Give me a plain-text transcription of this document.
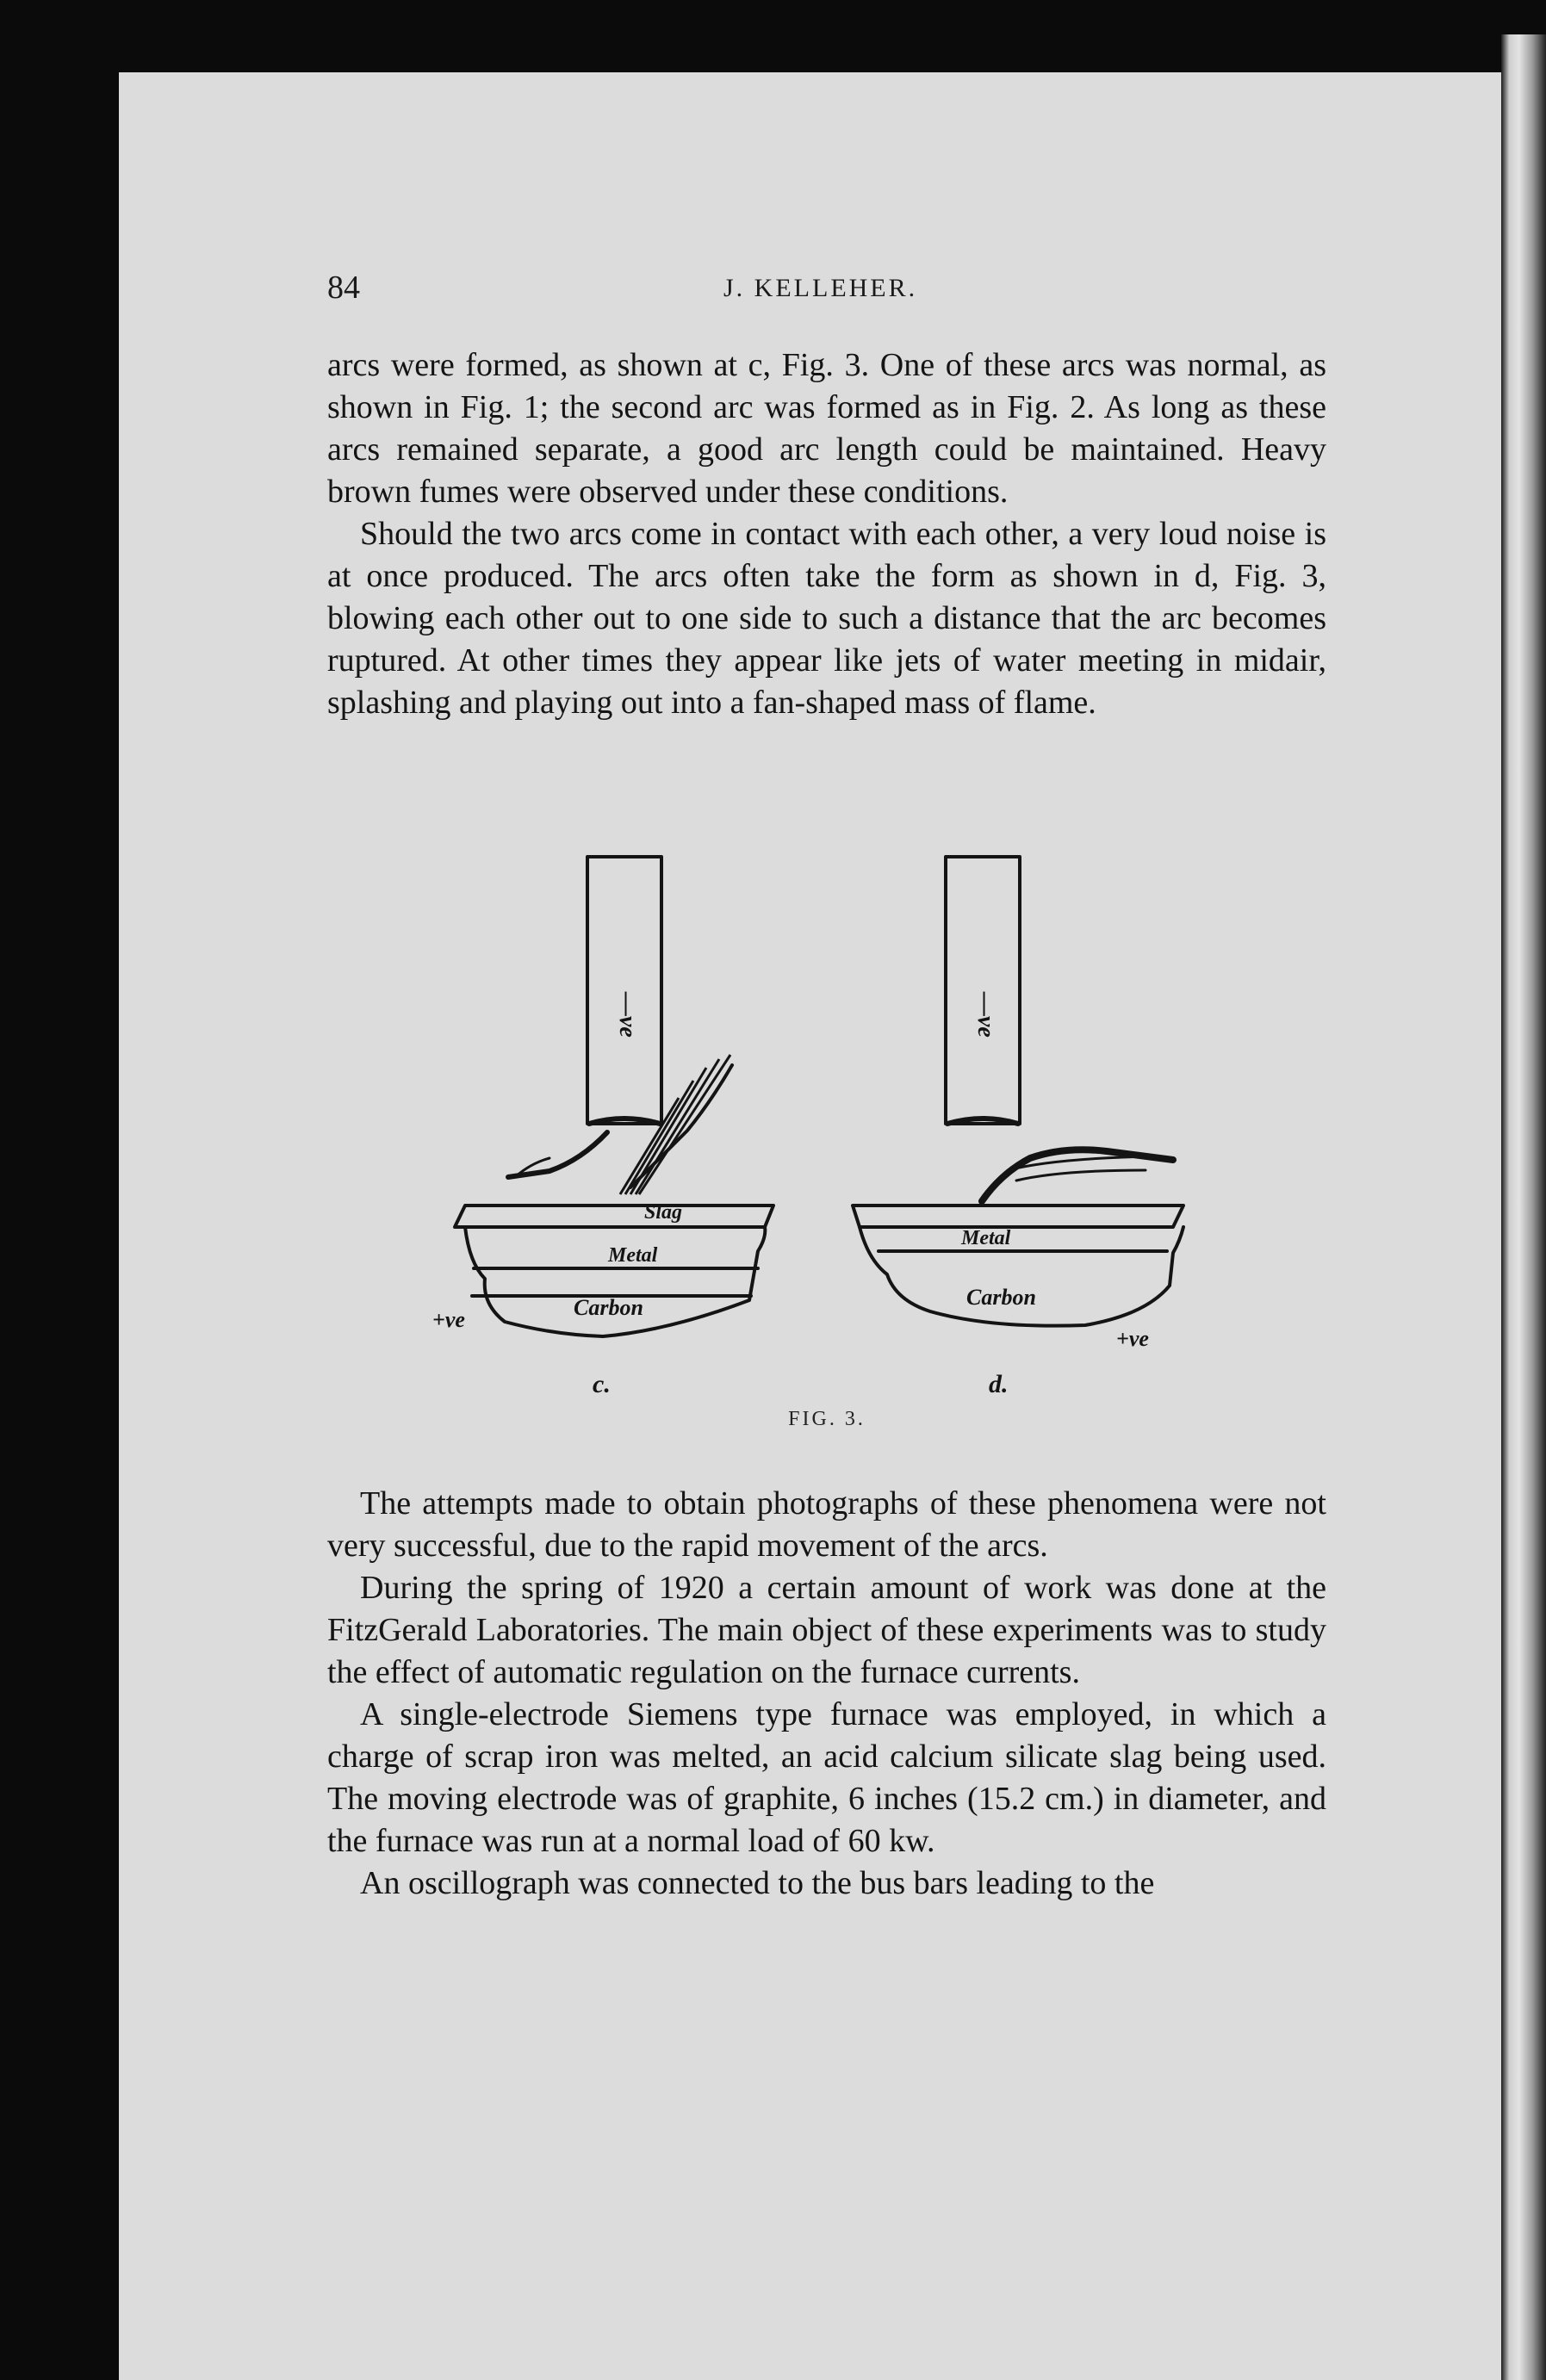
84	J. KELLEHER.

arcs were formed, as shown at c, Fig. 3. One of these arcs was normal, as shown in Fig. 1; the second arc was formed as in Fig. 2. As long as these arcs remained separate, a good arc length could be maintained. Heavy brown fumes were observed under these conditions.

Should the two arcs come in contact with each other, a very loud noise is at once produced. The arcs often take the form as shown in d, Fig. 3, blowing each other out to one side to such a distance that the arc becomes ruptured. At other times they appear like jets of water meeting in midair, splashing and playing out into a fan-shaped mass of flame.

—ve
Slag
Metal
Carbon
+ve
c.
—ve
Metal
Carbon
+ve
d.
FIG. 3.

The attempts made to obtain photographs of these phenomena were not very successful, due to the rapid movement of the arcs.

During the spring of 1920 a certain amount of work was done at the FitzGerald Laboratories. The main object of these experiments was to study the effect of automatic regulation on the furnace currents.

A single-electrode Siemens type furnace was employed, in which a charge of scrap iron was melted, an acid calcium silicate slag being used. The moving electrode was of graphite, 6 inches (15.2 cm.) in diameter, and the furnace was run at a normal load of 60 kw.

An oscillograph was connected to the bus bars leading to the
